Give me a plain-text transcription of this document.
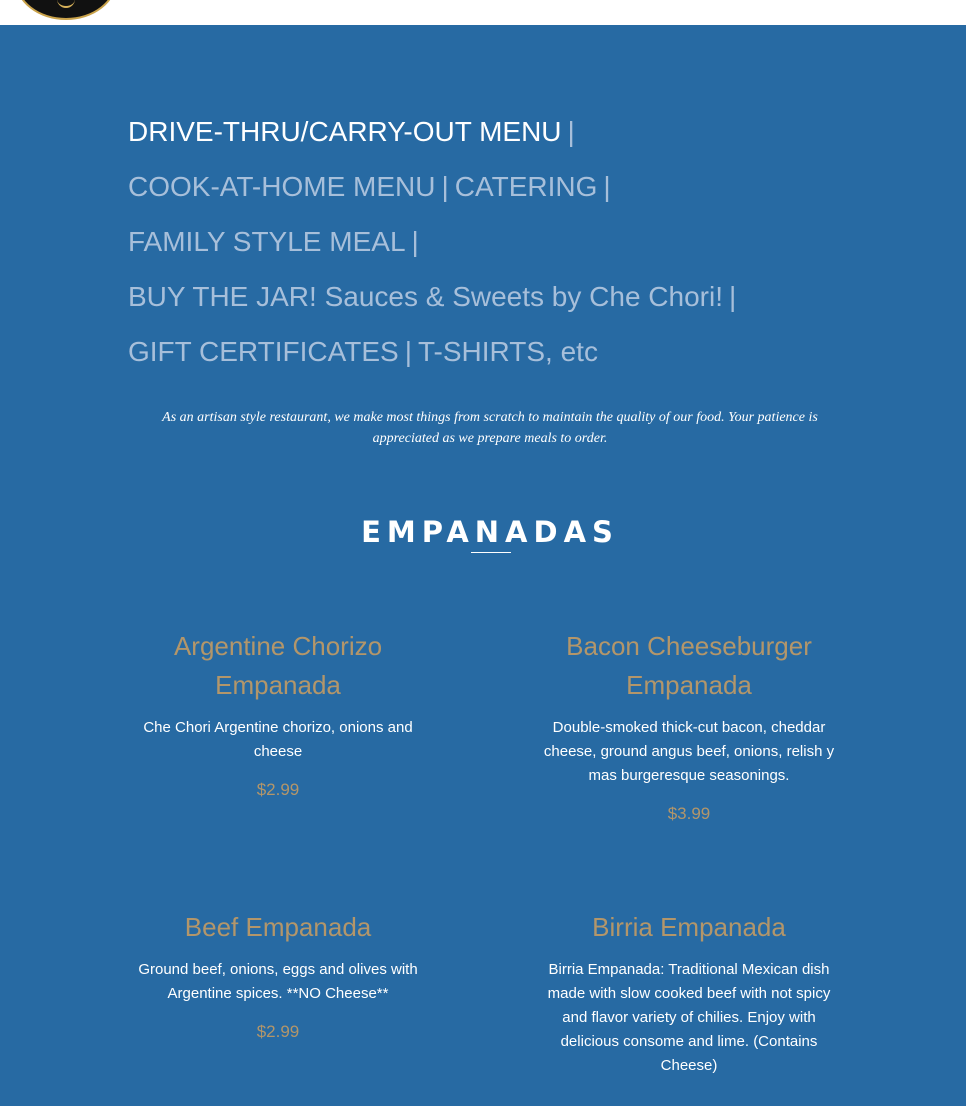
DRIVE-THRU/CARRY-OUT MENU |
COOK-AT-HOME MENU | CATERING |
FAMILY STYLE MEAL |
BUY THE JAR! Sauces & Sweets by Che Chori! |
GIFT CERTIFICATES | T-SHIRTS, etc

As an artisan style restaurant, we make most things from scratch to maintain the quality of our food. Your patience is appreciated as we prepare meals to order.

EMPANADAS
Argentine Chorizo Empanada
Che Chori Argentine chorizo, onions and cheese
$2.99
Bacon Cheeseburger Empanada
Double-smoked thick-cut bacon, cheddar cheese, ground angus beef, onions, relish y mas burgeresque seasonings.
$3.99
Beef Empanada
Ground beef, onions, eggs and olives with Argentine spices. **NO Cheese**
$2.99
Birria Empanada
Birria Empanada: Traditional Mexican dish made with slow cooked beef with not spicy and flavor variety of chilies. Enjoy with delicious consome and lime. (Contains Cheese)
